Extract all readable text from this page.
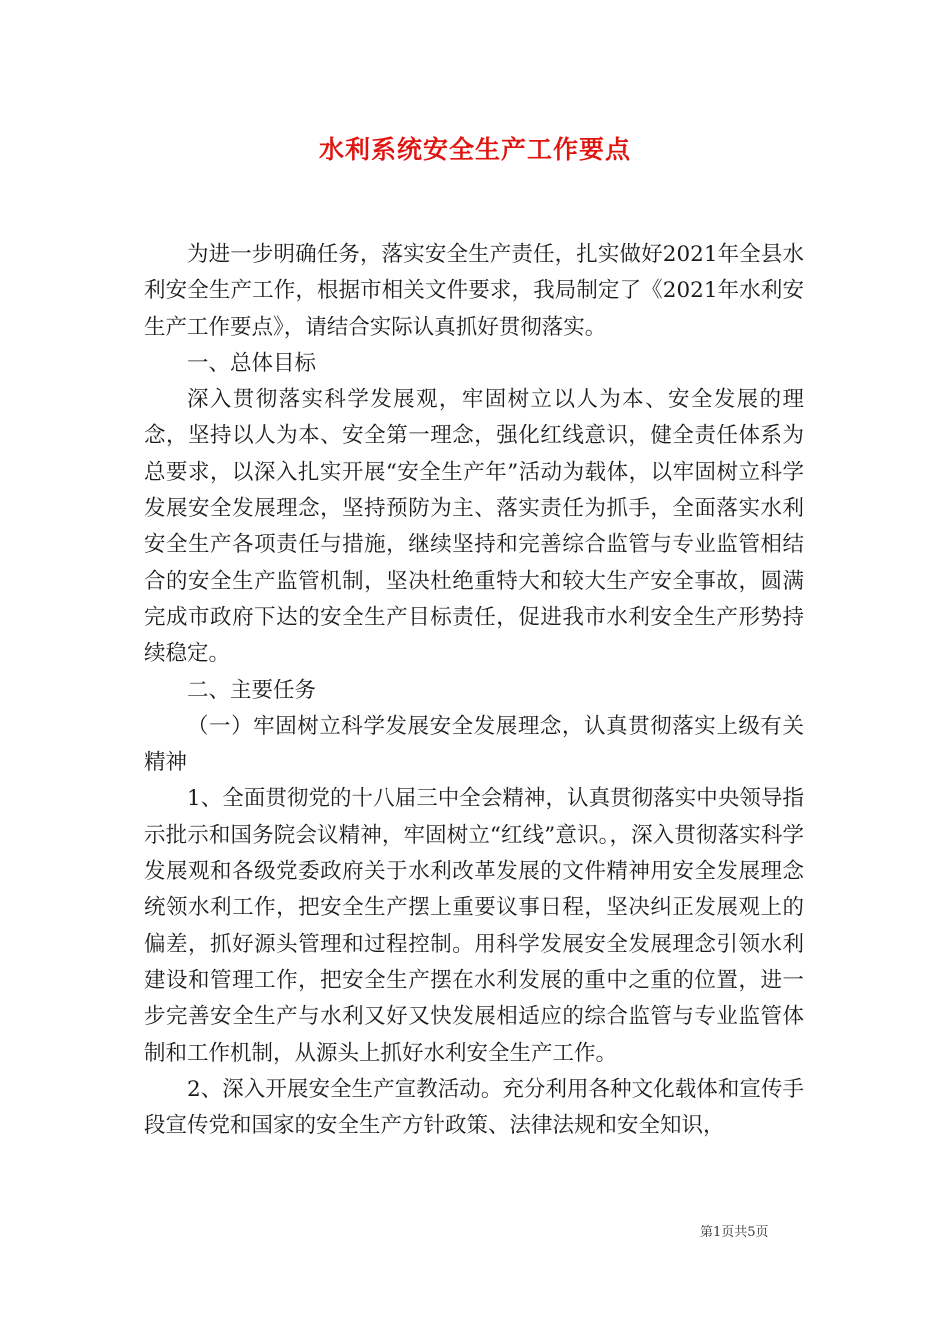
水利系统安全生产工作要点

为进一步明确任务，落实安全生产责任，扎实做好2021年全县水利安全生产工作，根据市相关文件要求，我局制定了《2021年水利安生产工作要点》，请结合实际认真抓好贯彻落实。

一、总体目标

深入贯彻落实科学发展观，牢固树立以人为本、安全发展的理念，坚持以人为本、安全第一理念，强化红线意识，健全责任体系为总要求，以深入扎实开展“安全生产年”活动为载体，以牢固树立科学发展安全发展理念，坚持预防为主、落实责任为抓手，全面落实水利安全生产各项责任与措施，继续坚持和完善综合监管与专业监管相结合的安全生产监管机制，坚决杜绝重特大和较大生产安全事故，圆满完成市政府下达的安全生产目标责任，促进我市水利安全生产形势持续稳定。

二、主要任务

（一）牢固树立科学发展安全发展理念，认真贯彻落实上级有关精神

1、全面贯彻党的十八届三中全会精神，认真贯彻落实中央领导指示批示和国务院会议精神，牢固树立“红线”意识。，深入贯彻落实科学发展观和各级党委政府关于水利改革发展的文件精神用安全发展理念统领水利工作，把安全生产摆上重要议事日程，坚决纠正发展观上的偏差，抓好源头管理和过程控制。用科学发展安全发展理念引领水利建设和管理工作，把安全生产摆在水利发展的重中之重的位置，进一步完善安全生产与水利又好又快发展相适应的综合监管与专业监管体制和工作机制，从源头上抓好水利安全生产工作。

2、深入开展安全生产宣教活动。充分利用各种文化载体和宣传手段宣传党和国家的安全生产方针政策、法律法规和安全知识，

第1页共5页
